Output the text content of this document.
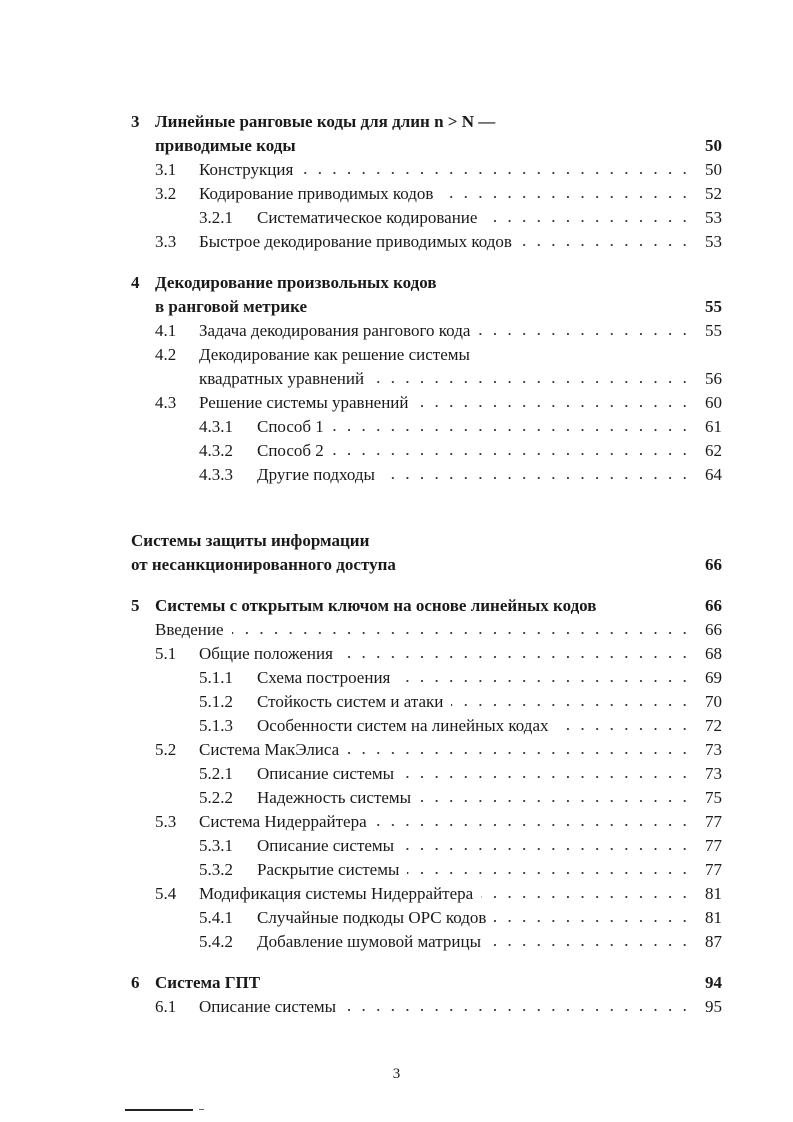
3 Линейные ранговые коды для длин n > N —
приводимые коды	50
3.1 Конструкция	50
3.2 Кодирование приводимых кодов	52
3.2.1 Систематическое кодирование	53
3.3 Быстрое декодирование приводимых кодов	53
4 Декодирование произвольных кодов
в ранговой метрике	55
4.1 Задача декодирования рангового кода	55
4.2 Декодирование как решение системы
квадратных уравнений	56
4.3 Решение системы уравнений	60
4.3.1 Способ 1	61
4.3.2 Способ 2	62
4.3.3 Другие подходы	64
Системы защиты информации
от несанкционированного доступа	66
5 Системы с открытым ключом на основе линейных кодов	66
Введение	66
5.1 Общие положения	68
5.1.1 Схема построения	69
5.1.2 Стойкость систем и атаки	70
5.1.3 Особенности систем на линейных кодах	72
5.2 Система МакЭлиса	73
5.2.1 Описание системы	73
5.2.2 Надежность системы	75
5.3 Система Нидеррайтера	77
5.3.1 Описание системы	77
5.3.2 Раскрытие системы	77
5.4 Модификация системы Нидеррайтера	81
5.4.1 Случайные подкоды ОРС кодов	81
5.4.2 Добавление шумовой матрицы	87
6 Система ГПТ	94
6.1 Описание системы	95
3
